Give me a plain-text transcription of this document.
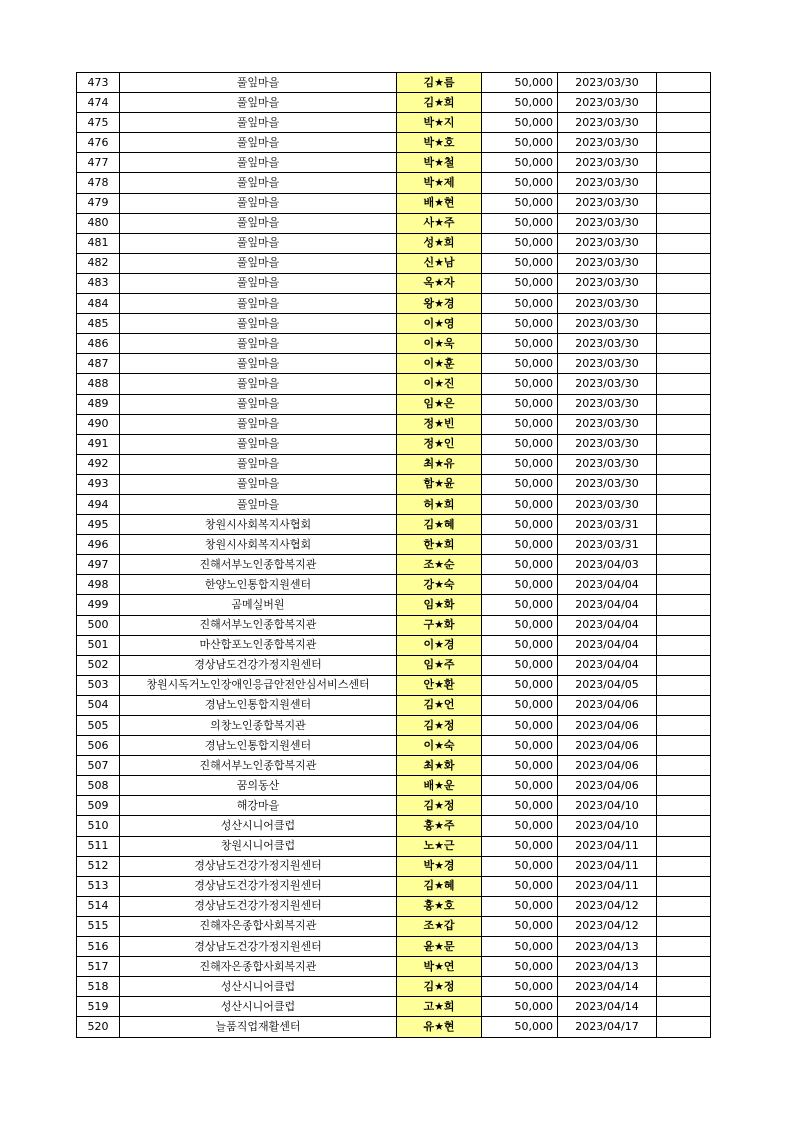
473	풀잎마을	김★름	50,000	2023/03/30	
474	풀잎마을	김★희	50,000	2023/03/30	
475	풀잎마을	박★지	50,000	2023/03/30	
476	풀잎마을	박★호	50,000	2023/03/30	
477	풀잎마을	박★철	50,000	2023/03/30	
478	풀잎마을	박★제	50,000	2023/03/30	
479	풀잎마을	배★현	50,000	2023/03/30	
480	풀잎마을	사★주	50,000	2023/03/30	
481	풀잎마을	성★희	50,000	2023/03/30	
482	풀잎마을	신★남	50,000	2023/03/30	
483	풀잎마을	옥★자	50,000	2023/03/30	
484	풀잎마을	왕★경	50,000	2023/03/30	
485	풀잎마을	이★영	50,000	2023/03/30	
486	풀잎마을	이★욱	50,000	2023/03/30	
487	풀잎마을	이★훈	50,000	2023/03/30	
488	풀잎마을	이★진	50,000	2023/03/30	
489	풀잎마을	임★은	50,000	2023/03/30	
490	풀잎마을	정★빈	50,000	2023/03/30	
491	풀잎마을	정★인	50,000	2023/03/30	
492	풀잎마을	최★유	50,000	2023/03/30	
493	풀잎마을	함★윤	50,000	2023/03/30	
494	풀잎마을	허★희	50,000	2023/03/30	
495	창원시사회복지사협회	김★혜	50,000	2023/03/31	
496	창원시사회복지사협회	한★희	50,000	2023/03/31	
497	진해서부노인종합복지관	조★순	50,000	2023/04/03	
498	한양노인통합지원센터	강★숙	50,000	2023/04/04	
499	곰메실버원	임★화	50,000	2023/04/04	
500	진해서부노인종합복지관	구★화	50,000	2023/04/04	
501	마산합포노인종합복지관	이★경	50,000	2023/04/04	
502	경상남도건강가정지원센터	임★주	50,000	2023/04/04	
503	창원시독거노인장애인응급안전안심서비스센터	안★환	50,000	2023/04/05	
504	경남노인통합지원센터	김★언	50,000	2023/04/06	
505	의창노인종합복지관	김★정	50,000	2023/04/06	
506	경남노인통합지원센터	이★숙	50,000	2023/04/06	
507	진해서부노인종합복지관	최★화	50,000	2023/04/06	
508	꿈의동산	배★운	50,000	2023/04/06	
509	해강마을	김★정	50,000	2023/04/10	
510	성산시니어클럽	홍★주	50,000	2023/04/10	
511	창원시니어클럽	노★근	50,000	2023/04/11	
512	경상남도건강가정지원센터	박★경	50,000	2023/04/11	
513	경상남도건강가정지원센터	김★혜	50,000	2023/04/11	
514	경상남도건강가정지원센터	홍★호	50,000	2023/04/12	
515	진해자은종합사회복지관	조★갑	50,000	2023/04/12	
516	경상남도건강가정지원센터	윤★문	50,000	2023/04/13	
517	진해자은종합사회복지관	박★연	50,000	2023/04/13	
518	성산시니어클럽	김★정	50,000	2023/04/14	
519	성산시니어클럽	고★희	50,000	2023/04/14	
520	늘품직업재활센터	유★현	50,000	2023/04/17	
